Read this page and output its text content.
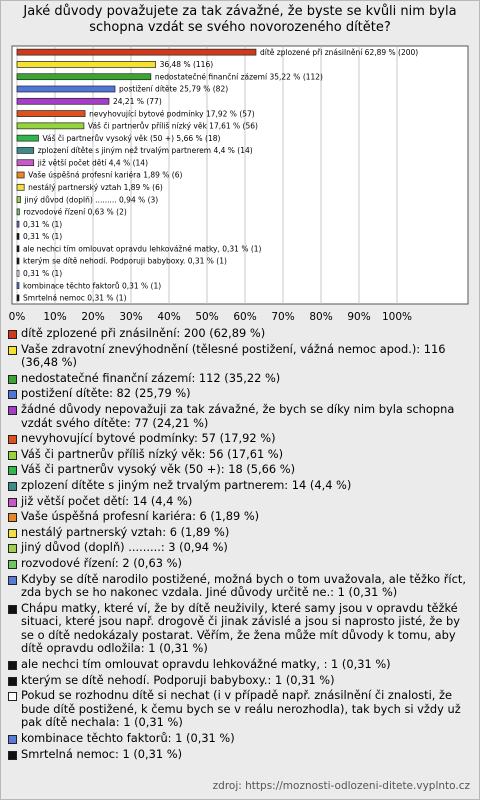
Jaké důvody považujete za tak závažné, že byste se kvůli nim byla schopna vzdát se svého novorozeného dítěte?
0% 10% 20% 30% 40% 50% 60% 70% 80% 90% 100%
dítě zplozené při znásilnění 62,89 % (200)
36,48 % (116)
nedostatečné finanční zázemí 35,22 % (112)
postižení dítěte 25,79 % (82)
24,21 % (77)
nevyhovující bytové podmínky 17,92 % (57)
Váš či partnerův příliš nízký věk 17,61 % (56)
Váš či partnerův vysoký věk (50 +) 5,66 % (18)
zplození dítěte s jiným než trvalým partnerem 4,4 % (14)
již větší počet dětí 4,4 % (14)
Vaše úspěšná profesní kariéra 1,89 % (6)
nestálý partnerský vztah 1,89 % (6)
jiný důvod (doplň) ......... 0,94 % (3)
rozvodové řízení 0,63 % (2)
0,31 % (1)
0,31 % (1)
ale nechci tím omlouvat opravdu lehkovážné matky, 0,31 % (1)
kterým se dítě nehodí. Podporuji babyboxy. 0,31 % (1)
0,31 % (1)
kombinace těchto faktorů 0,31 % (1)
Smrtelná nemoc 0,31 % (1)
dítě zplozené při znásilnění: 200 (62,89 %)
Vaše zdravotní znevýhodnění (tělesné postižení, vážná nemoc apod.): 116 (36,48 %)
nedostatečné finanční zázemí: 112 (35,22 %)
postižení dítěte: 82 (25,79 %)
žádné důvody nepovažuji za tak závažné, že bych se díky nim byla schopna vzdát svého dítěte: 77 (24,21 %)
nevyhovující bytové podmínky: 57 (17,92 %)
Váš či partnerův příliš nízký věk: 56 (17,61 %)
Váš či partnerův vysoký věk (50 +): 18 (5,66 %)
zplození dítěte s jiným než trvalým partnerem: 14 (4,4 %)
již větší počet dětí: 14 (4,4 %)
Vaše úspěšná profesní kariéra: 6 (1,89 %)
nestálý partnerský vztah: 6 (1,89 %)
jiný důvod (doplň) .........: 3 (0,94 %)
rozvodové řízení: 2 (0,63 %)
Kdyby se dítě narodilo postižené, možná bych o tom uvažovala, ale těžko říct, zda bych se ho nakonec vzdala. Jiné důvody určitě ne.: 1 (0,31 %)
Chápu matky, které ví, že by dítě neuživily, které samy jsou v opravdu těžké situaci, které jsou např. drogově či jinak závislé a jsou si naprosto jisté, že by se o dítě nedokázaly postarat. Věřím, že žena může mít důvody k tomu, aby dítě opravdu odložila: 1 (0,31 %)
ale nechci tím omlouvat opravdu lehkovážné matky, : 1 (0,31 %)
kterým se dítě nehodí. Podporuji babyboxy.: 1 (0,31 %)
Pokud se rozhodnu dítě si nechat (i v případě např. znásilnění či znalosti, že bude dítě postižené, k čemu bych se v reálu nerozhodla), tak bych si vždy už pak dítě nechala: 1 (0,31 %)
kombinace těchto faktorů: 1 (0,31 %)
Smrtelná nemoc: 1 (0,31 %)
zdroj: https://moznosti-odlozeni-ditete.vyplnto.cz
